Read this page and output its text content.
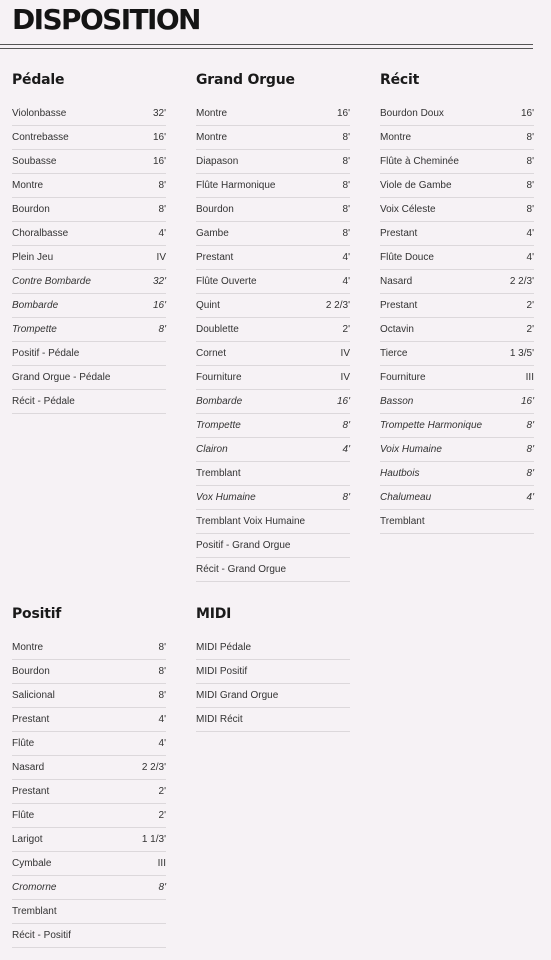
DISPOSITION
Pédale
Violonbasse	32'
Contrebasse	16'
Soubasse	16'
Montre	8'
Bourdon	8'
Choralbasse	4'
Plein Jeu	IV
Contre Bombarde	32'
Bombarde	16'
Trompette	8'
Positif - Pédale
Grand Orgue - Pédale
Récit - Pédale
Grand Orgue
Montre	16'
Montre	8'
Diapason	8'
Flûte Harmonique	8'
Bourdon	8'
Gambe	8'
Prestant	4'
Flûte Ouverte	4'
Quint	2 2/3'
Doublette	2'
Cornet	IV
Fourniture	IV
Bombarde	16'
Trompette	8'
Clairon	4'
Tremblant
Vox Humaine	8'
Tremblant Voix Humaine
Positif - Grand Orgue
Récit - Grand Orgue
Récit
Bourdon Doux	16'
Montre	8'
Flûte à Cheminée	8'
Viole de Gambe	8'
Voix Céleste	8'
Prestant	4'
Flûte Douce	4'
Nasard	2 2/3'
Prestant	2'
Octavin	2'
Tierce	1 3/5'
Fourniture	III
Basson	16'
Trompette Harmonique	8'
Voix Humaine	8'
Hautbois	8'
Chalumeau	4'
Tremblant
Positif
Montre	8'
Bourdon	8'
Salicional	8'
Prestant	4'
Flûte	4'
Nasard	2 2/3'
Prestant	2'
Flûte	2'
Larigot	1 1/3'
Cymbale	III
Cromorne	8'
Tremblant
Récit - Positif
MIDI
MIDI Pédale
MIDI Positif
MIDI Grand Orgue
MIDI Récit
